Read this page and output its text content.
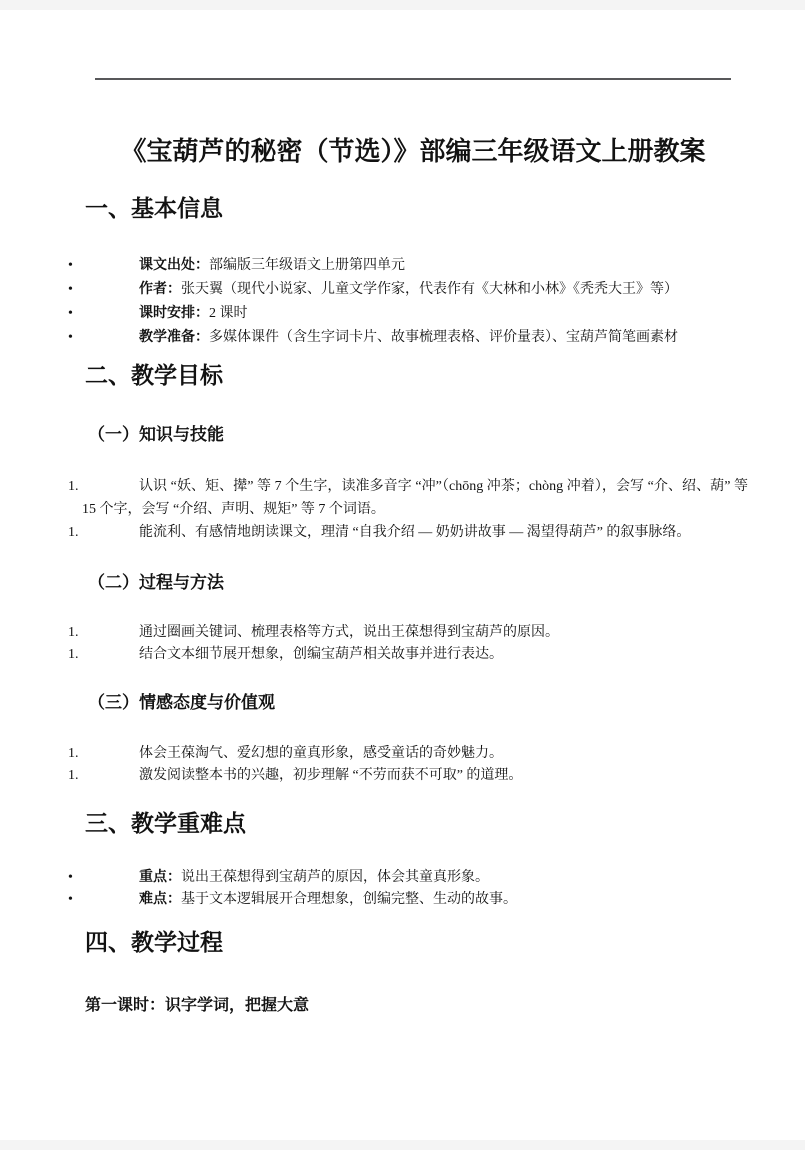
《宝葫芦的秘密（节选）》部编三年级语文上册教案
一、基本信息
•	课文出处：部编版三年级语文上册第四单元

•	作者：张天翼（现代小说家、儿童文学作家，代表作有《大林和小林》《秃秃大王》等）

•	课时安排：2 课时

•	教学准备：多媒体课件（含生字词卡片、故事梳理表格、评价量表）、宝葫芦简笔画素材

二、教学目标
（一）知识与技能
1.	认识 “妖、矩、撵” 等 7 个生字，读准多音字 “冲”（chōng 冲茶；chòng 冲着），会写 “介、绍、葫” 等 15 个字，会写 “介绍、声明、规矩” 等 7 个词语。

1.	能流利、有感情地朗读课文，理清 “自我介绍 — 奶奶讲故事 — 渴望得葫芦” 的叙事脉络。

（二）过程与方法
1.	通过圈画关键词、梳理表格等方式，说出王葆想得到宝葫芦的原因。

1.	结合文本细节展开想象，创编宝葫芦相关故事并进行表达。

（三）情感态度与价值观
1.	体会王葆淘气、爱幻想的童真形象，感受童话的奇妙魅力。

1.	激发阅读整本书的兴趣，初步理解 “不劳而获不可取” 的道理。

三、教学重难点
•	重点：说出王葆想得到宝葫芦的原因，体会其童真形象。

•	难点：基于文本逻辑展开合理想象，创编完整、生动的故事。

四、教学过程

第一课时：识字学词，把握大意
